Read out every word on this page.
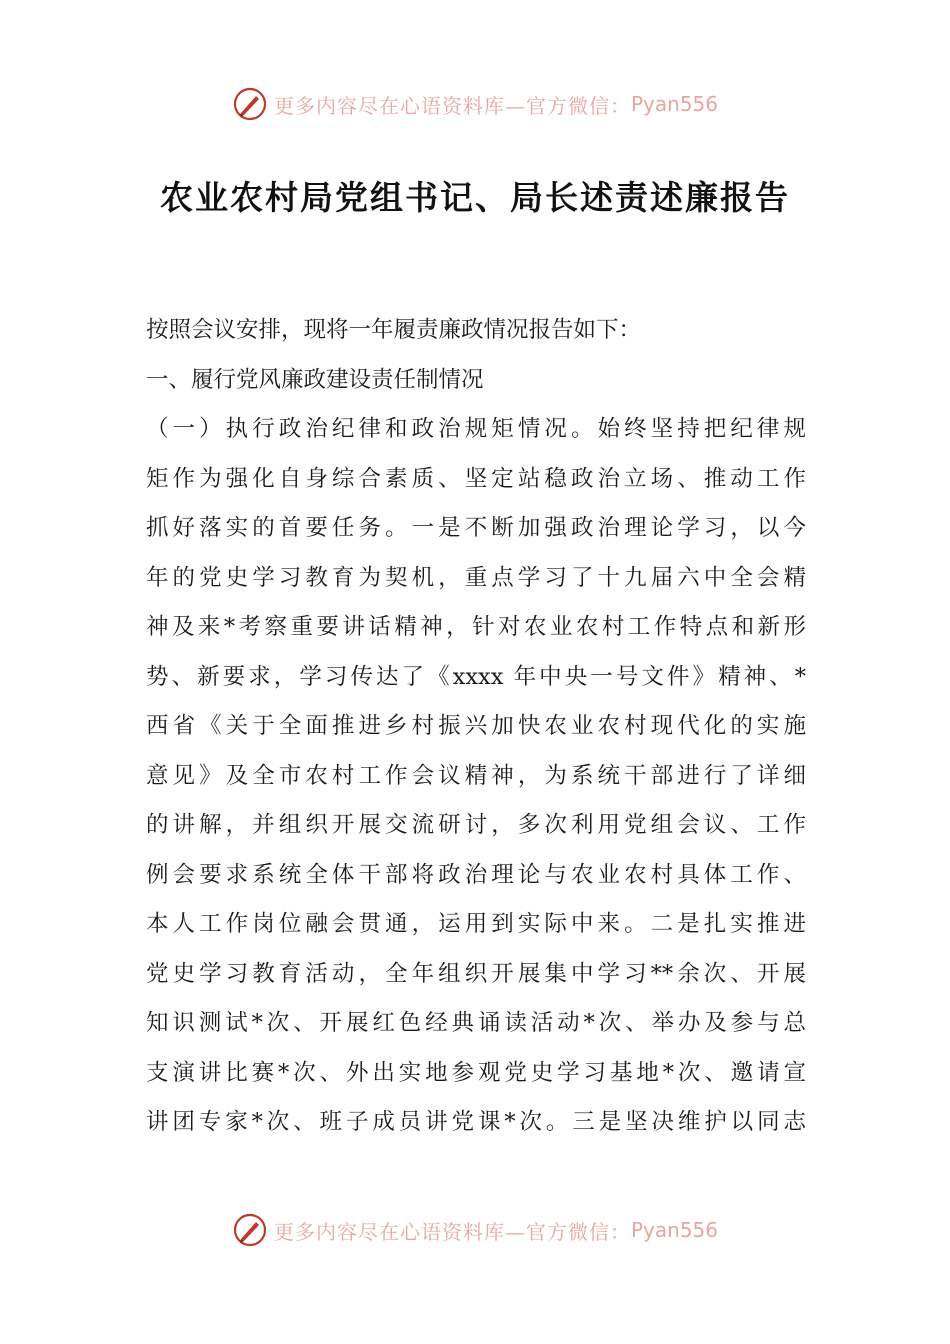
更多内容尽在心语资料库—官方微信： Pyan556
农业农村局党组书记、局长述责述廉报告
按照会议安排，现将一年履责廉政情况报告如下：
一、履行党风廉政建设责任制情况
（一）执行政治纪律和政治规矩情况。始终坚持把纪律规
矩作为强化自身综合素质、坚定站稳政治立场、推动工作
抓好落实的首要任务。一是不断加强政治理论学习，以今
年的党史学习教育为契机，重点学习了十九届六中全会精
神及来*考察重要讲话精神，针对农业农村工作特点和新形
势、新要求，学习传达了《xxxx 年中央一号文件》精神、*
西省《关于全面推进乡村振兴加快农业农村现代化的实施
意见》及全市农村工作会议精神，为系统干部进行了详细
的讲解，并组织开展交流研讨，多次利用党组会议、工作
例会要求系统全体干部将政治理论与农业农村具体工作、
本人工作岗位融会贯通，运用到实际中来。二是扎实推进
党史学习教育活动，全年组织开展集中学习**余次、开展
知识测试*次、开展红色经典诵读活动*次、举办及参与总
支演讲比赛*次、外出实地参观党史学习基地*次、邀请宣
讲团专家*次、班子成员讲党课*次。三是坚决维护以同志
更多内容尽在心语资料库—官方微信： Pyan556
